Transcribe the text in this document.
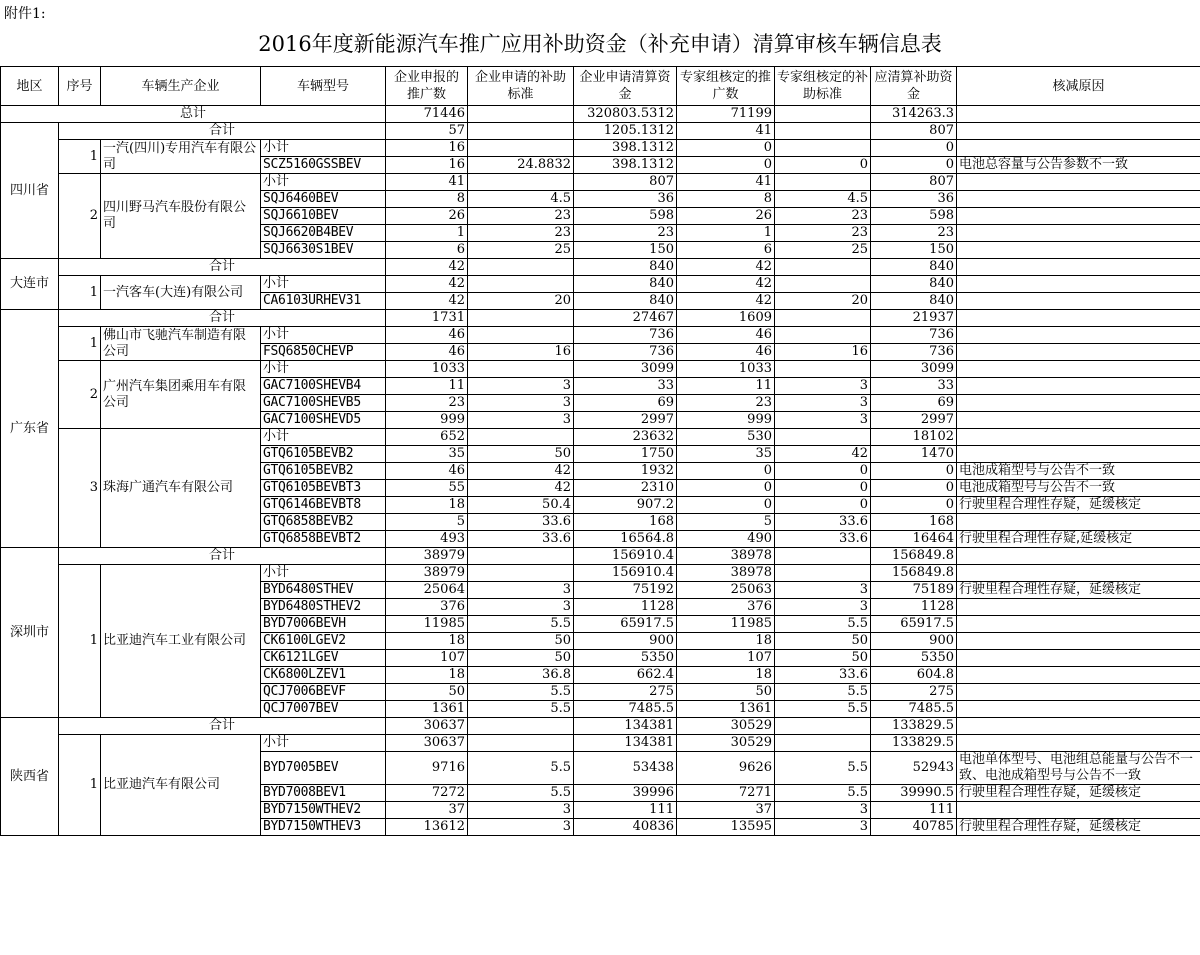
附件1:
2016年度新能源汽车推广应用补助资金（补充申请）清算审核车辆信息表
地区	序号	车辆生产企业	车辆型号	企业申报的推广数	企业申请的补助标准	企业申请清算资金	专家组核定的推广数	专家组核定的补助标准	应清算补助资金	核减原因
总计				71446		320803.5312	71199		314263.3	
四川省	合计			57		1205.1312	41		807	
	1	一汽(四川)专用汽车有限公司	小计	16		398.1312	0		0	
			SCZ5160GSSBEV	16	24.8832	398.1312	0	0	0	电池总容量与公告参数不一致
	2	四川野马汽车股份有限公司	小计	41		807	41		807	
			SQJ6460BEV	8	4.5	36	8	4.5	36	
			SQJ6610BEV	26	23	598	26	23	598	
			SQJ6620B4BEV	1	23	23	1	23	23	
			SQJ6630S1BEV	6	25	150	6	25	150	
大连市	合计			42		840	42		840	
	1	一汽客车(大连)有限公司	小计	42		840	42		840	
			CA6103URHEV31	42	20	840	42	20	840	
广东省	合计			1731		27467	1609		21937	
	1	佛山市飞驰汽车制造有限公司	小计	46		736	46		736	
			FSQ6850CHEVP	46	16	736	46	16	736	
	2	广州汽车集团乘用车有限公司	小计	1033		3099	1033		3099	
			GAC7100SHEVB4	11	3	33	11	3	33	
			GAC7100SHEVB5	23	3	69	23	3	69	
			GAC7100SHEVD5	999	3	2997	999	3	2997	
	3	珠海广通汽车有限公司	小计	652		23632	530		18102	
			GTQ6105BEVB2	35	50	1750	35	42	1470	
			GTQ6105BEVB2	46	42	1932	0	0	0	电池成箱型号与公告不一致
			GTQ6105BEVBT3	55	42	2310	0	0	0	电池成箱型号与公告不一致
			GTQ6146BEVBT8	18	50.4	907.2	0	0	0	行驶里程合理性存疑，延缓核定
			GTQ6858BEVB2	5	33.6	168	5	33.6	168	
			GTQ6858BEVBT2	493	33.6	16564.8	490	33.6	16464	行驶里程合理性存疑,延缓核定
深圳市	合计			38979		156910.4	38978		156849.8	
	1	比亚迪汽车工业有限公司	小计	38979		156910.4	38978		156849.8	
			BYD6480STHEV	25064	3	75192	25063	3	75189	行驶里程合理性存疑，延缓核定
			BYD6480STHEV2	376	3	1128	376	3	1128	
			BYD7006BEVH	11985	5.5	65917.5	11985	5.5	65917.5	
			CK6100LGEV2	18	50	900	18	50	900	
			CK6121LGEV	107	50	5350	107	50	5350	
			CK6800LZEV1	18	36.8	662.4	18	33.6	604.8	
			QCJ7006BEVF	50	5.5	275	50	5.5	275	
			QCJ7007BEV	1361	5.5	7485.5	1361	5.5	7485.5	
陕西省	合计			30637		134381	30529		133829.5	
	1	比亚迪汽车有限公司	小计	30637		134381	30529		133829.5	
			BYD7005BEV	9716	5.5	53438	9626	5.5	52943	电池单体型号、电池组总能量与公告不一致、电池成箱型号与公告不一致
			BYD7008BEV1	7272	5.5	39996	7271	5.5	39990.5	行驶里程合理性存疑，延缓核定
			BYD7150WTHEV2	37	3	111	37	3	111	
			BYD7150WTHEV3	13612	3	40836	13595	3	40785	行驶里程合理性存疑，延缓核定
